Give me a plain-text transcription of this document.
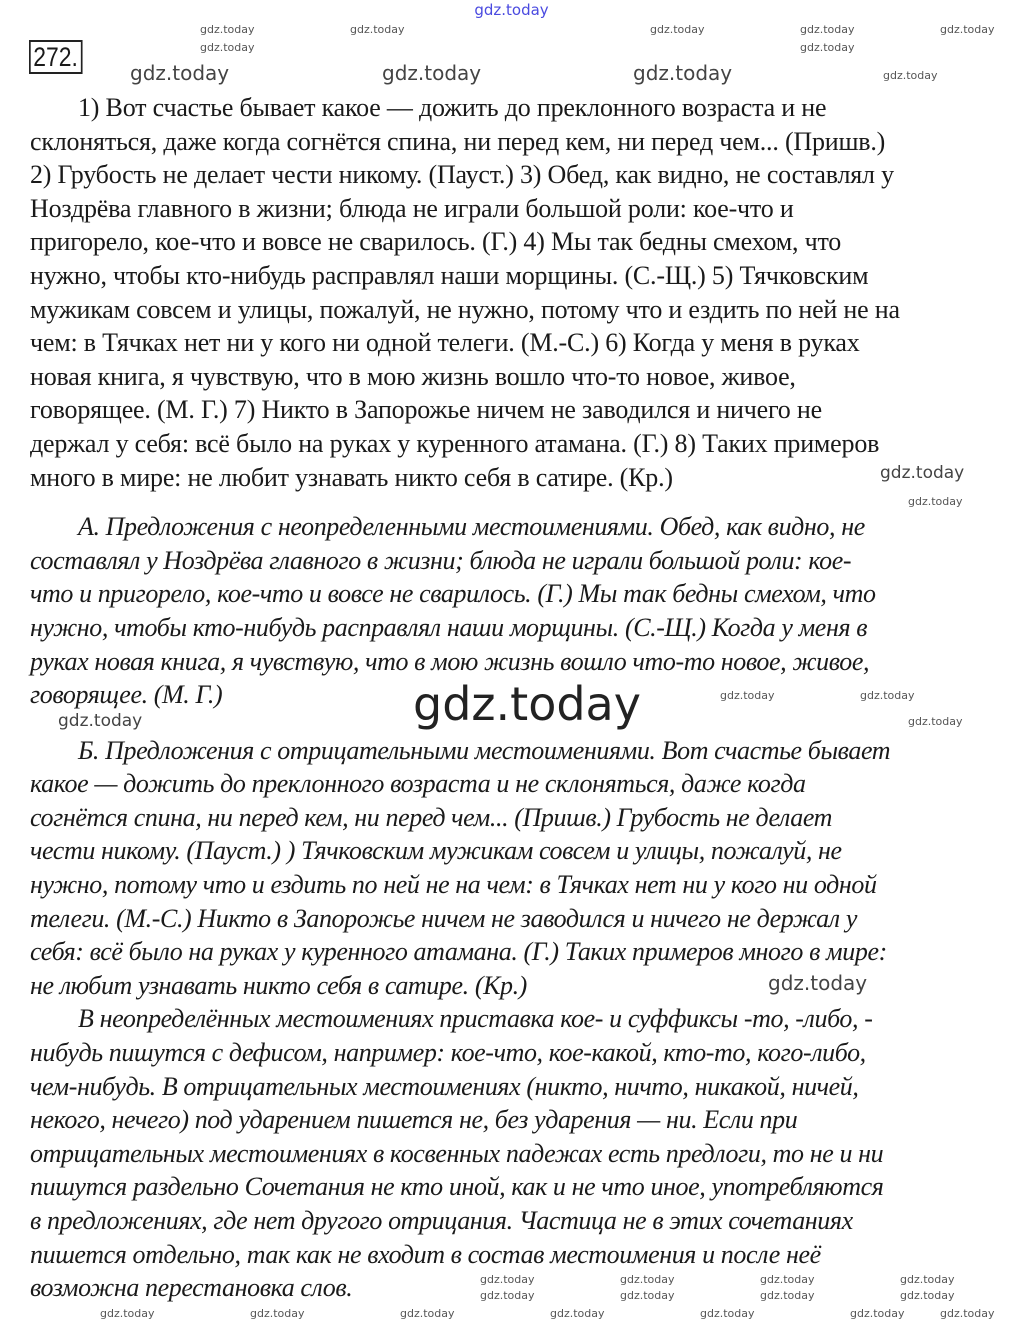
gdz.today
272.
1) Вот счастье бывает какое — дожить до преклонного возраста и не
склоняться, даже когда согнётся спина, ни перед кем, ни перед чем... (Пришв.)
2) Грубость не делает чести никому. (Пауст.) 3) Обед, как видно, не составлял у
Ноздрёва главного в жизни; блюда не играли большой роли: кое-что и
пригорело, кое-что и вовсе не сварилось. (Г.) 4) Мы так бедны смехом, что
нужно, чтобы кто-нибудь расправлял наши морщины. (С.-Щ.) 5) Тячковским
мужикам совсем и улицы, пожалуй, не нужно, потому что и ездить по ней не на
чем: в Тячках нет ни у кого ни одной телеги. (М.-С.) 6) Когда у меня в руках
новая книга, я чувствую, что в мою жизнь вошло что-то новое, живое,
говорящее. (М. Г.) 7) Никто в Запорожье ничем не заводился и ничего не
держал у себя: всё было на руках у куренного атамана. (Г.) 8) Таких примеров
много в мире: не любит узнавать никто себя в сатире. (Кр.)
А. Предложения с неопределенными местоимениями. Обед, как видно, не
составлял у Ноздрёва главного в жизни; блюда не играли большой роли: кое-
что и пригорело, кое-что и вовсе не сварилось. (Г.) Мы так бедны смехом, что
нужно, чтобы кто-нибудь расправлял наши морщины. (С.-Щ.) Когда у меня в
руках новая книга, я чувствую, что в мою жизнь вошло что-то новое, живое,
говорящее. (М. Г.)
Б. Предложения с отрицательными местоимениями. Вот счастье бывает
какое — дожить до преклонного возраста и не склоняться, даже когда
согнётся спина, ни перед кем, ни перед чем... (Пришв.) Грубость не делает
чести никому. (Пауст.) ) Тячковским мужикам совсем и улицы, пожалуй, не
нужно, потому что и ездить по ней не на чем: в Тячках нет ни у кого ни одной
телеги. (М.-С.) Никто в Запорожье ничем не заводился и ничего не держал у
себя: всё было на руках у куренного атамана. (Г.) Таких примеров много в мире:
не любит узнавать никто себя в сатире. (Кр.)
В неопределённых местоимениях приставка кое- и суффиксы -то, -либо, -
нибудь пишутся с дефисом, например: кое-что, кое-какой, кто-то, кого-либо,
чем-нибудь. В отрицательных местоимениях (никто, ничто, никакой, ничей,
некого, нечего) под ударением пишется не, без ударения — ни. Если при
отрицательных местоимениях в косвенных падежах есть предлоги, то не и ни
пишутся раздельно Сочетания не кто иной, как и не что иное, употребляются
в предложениях, где нет другого отрицания. Частица не в этих сочетаниях
пишется отдельно, так как не входит в состав местоимения и после неё
возможна перестановка слов.
gdz.today	gdz.today	gdz.today	gdz.today
gdz.today	gdz.today	gdz.today	gdz.today
gdz.today	gdz.today
gdz.today
gdz.today
gdz.today
gdz.today
gdz.today	gdz.today
gdz.today	gdz.today
gdz.today
gdz.today	gdz.today	gdz.today	gdz.today	gdz.today
gdz.today	gdz.today	gdz.today	gdz.today
gdz.today	gdz.today	gdz.today	gdz.today
gdz.today
gdz.today
